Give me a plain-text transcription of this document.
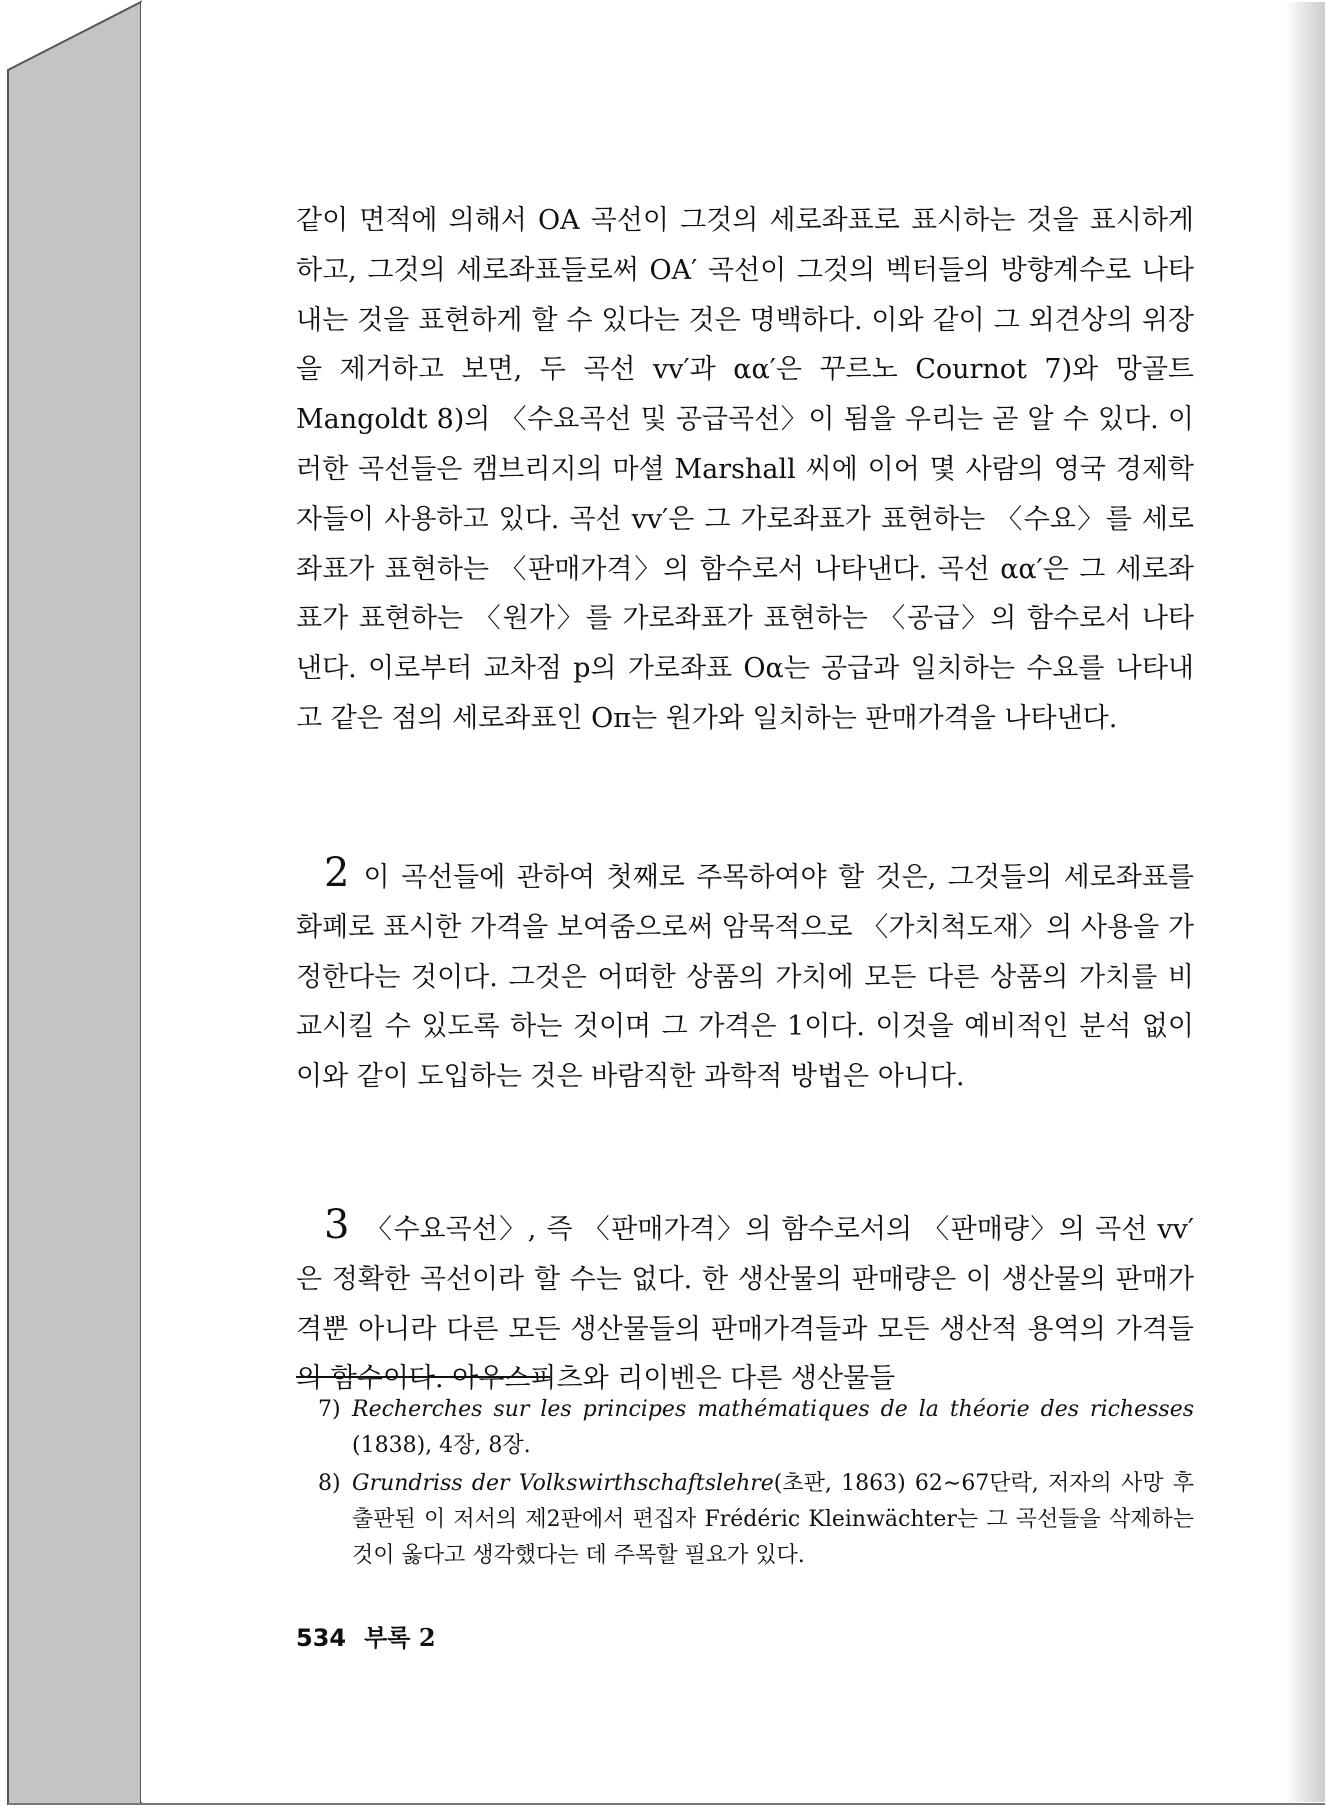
같이 면적에 의해서 OA 곡선이 그것의 세로좌표로 표시하는 것을 표시하게 하고, 그것의 세로좌표들로써 OA′ 곡선이 그것의 벡터들의 방향계수로 나타내는 것을 표현하게 할 수 있다는 것은 명백하다. 이와 같이 그 외견상의 위장을 제거하고 보면, 두 곡선 vv′과 αα′은 꾸르노 Cournot 7)와 망골트 Mangoldt 8)의 〈수요곡선 및 공급곡선〉이 됨을 우리는 곧 알 수 있다. 이러한 곡선들은 캠브리지의 마셜 Marshall 씨에 이어 몇 사람의 영국 경제학자들이 사용하고 있다. 곡선 vv′은 그 가로좌표가 표현하는 〈수요〉를 세로좌표가 표현하는 〈판매가격〉의 함수로서 나타낸다. 곡선 αα′은 그 세로좌표가 표현하는 〈원가〉를 가로좌표가 표현하는 〈공급〉의 함수로서 나타낸다. 이로부터 교차점 p의 가로좌표 Oα는 공급과 일치하는 수요를 나타내고 같은 점의 세로좌표인 Oπ는 원가와 일치하는 판매가격을 나타낸다.

2 이 곡선들에 관하여 첫째로 주목하여야 할 것은, 그것들의 세로좌표를 화폐로 표시한 가격을 보여줌으로써 암묵적으로 〈가치척도재〉의 사용을 가정한다는 것이다. 그것은 어떠한 상품의 가치에 모든 다른 상품의 가치를 비교시킬 수 있도록 하는 것이며 그 가격은 1이다. 이것을 예비적인 분석 없이 이와 같이 도입하는 것은 바람직한 과학적 방법은 아니다.

3 〈수요곡선〉, 즉 〈판매가격〉의 함수로서의 〈판매량〉의 곡선 vv′은 정확한 곡선이라 할 수는 없다. 한 생산물의 판매량은 이 생산물의 판매가격뿐 아니라 다른 모든 생산물들의 판매가격들과 모든 생산적 용역의 가격들의 함수이다. 아우스피츠와 리이벤은 다른 생산물들

7) Recherches sur les principes mathématiques de la théorie des richesses (1838), 4장, 8장.
8) Grundriss der Volkswirthschaftslehre(초판, 1863) 62∼67단락, 저자의 사망 후 출판된 이 저서의 제2판에서 편집자 Frédéric Kleinwächter는 그 곡선들을 삭제하는 것이 옳다고 생각했다는 데 주목할 필요가 있다.
534 부록 2
